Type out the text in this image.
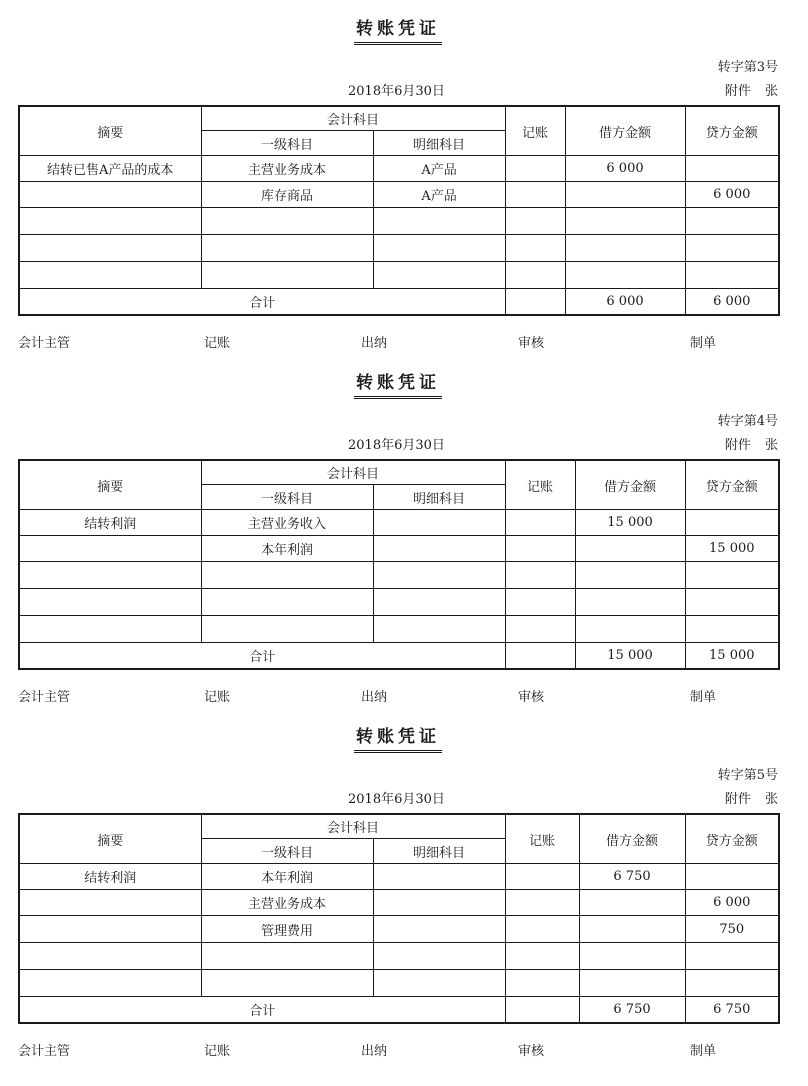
转账凭证
转字第3号
2018年6月30日	附件 张
摘要	会计科目		记账	借方金额	贷方金额
	一级科目	明细科目			
结转已售A产品的成本	主营业务成本	A产品		6 000	
	库存商品	A产品			6 000

合计				6 000	6 000
会计主管	记账	出纳	审核	制单
转账凭证
转字第4号
2018年6月30日	附件 张
摘要	会计科目		记账	借方金额	贷方金额
	一级科目	明细科目			
结转利润	主营业务收入			15 000	
	本年利润				15 000

合计				15 000	15 000
会计主管	记账	出纳	审核	制单
转账凭证
转字第5号
2018年6月30日	附件 张
摘要	会计科目		记账	借方金额	贷方金额
	一级科目	明细科目			
结转利润	本年利润			6 750	
	主营业务成本				6 000
	管理费用				750

合计				6 750	6 750
会计主管	记账	出纳	审核	制单
